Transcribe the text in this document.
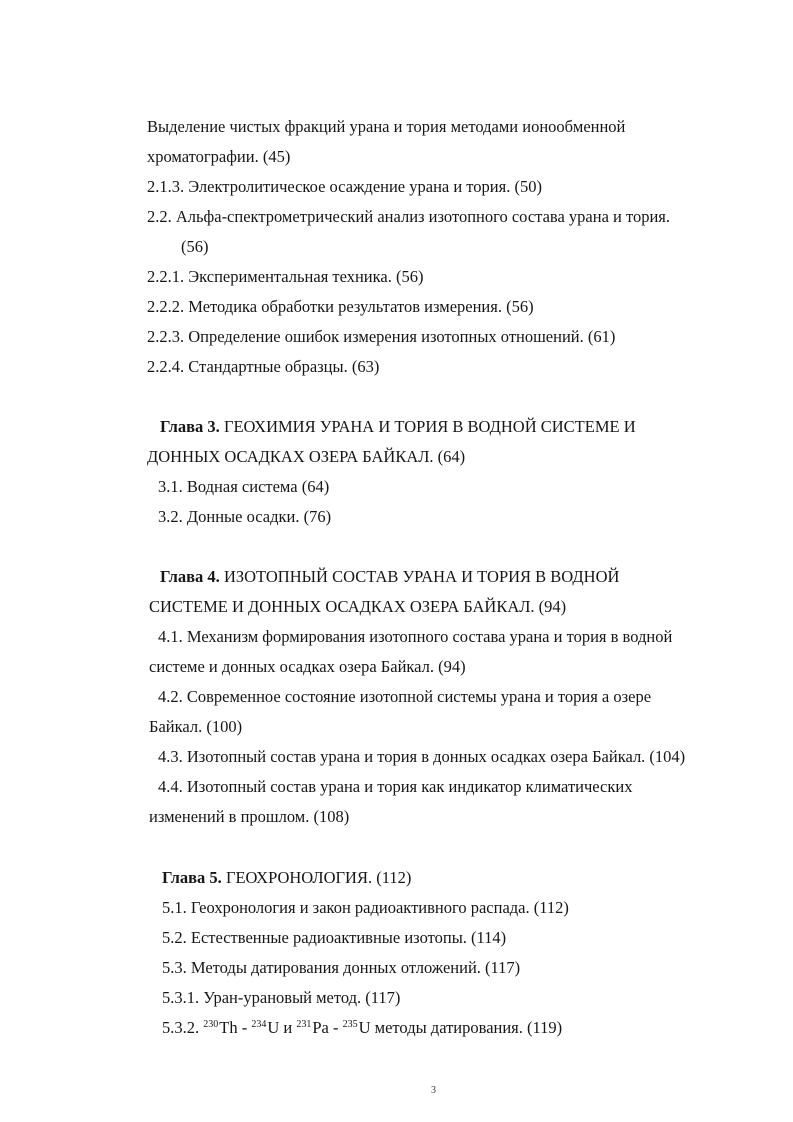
Выделение чистых фракций урана и тория методами ионообменной
хроматографии. (45)
2.1.3. Электролитическое осаждение урана и тория. (50)
2.2. Альфа-спектрометрический анализ изотопного состава урана и тория.
(56)
2.2.1. Экспериментальная техника. (56)
2.2.2. Методика обработки результатов измерения. (56)
2.2.3. Определение ошибок измерения изотопных отношений. (61)
2.2.4. Стандартные образцы. (63)
Глава 3. ГЕОХИМИЯ УРАНА И ТОРИЯ В ВОДНОЙ СИСТЕМЕ И
ДОННЫХ ОСАДКАХ ОЗЕРА БАЙКАЛ. (64)
3.1. Водная система (64)
3.2. Донные осадки. (76)
Глава 4. ИЗОТОПНЫЙ СОСТАВ УРАНА И ТОРИЯ В ВОДНОЙ
СИСТЕМЕ И ДОННЫХ ОСАДКАХ ОЗЕРА БАЙКАЛ. (94)
4.1. Механизм формирования изотопного состава урана и тория в водной
системе и донных осадках озера Байкал. (94)
4.2. Современное состояние изотопной системы урана и тория а озере
Байкал. (100)
4.3. Изотопный состав урана и тория в донных осадках озера Байкал. (104)
4.4. Изотопный состав урана и тория как индикатор климатических
изменений в прошлом. (108)
Глава 5. ГЕОХРОНОЛОГИЯ. (112)
5.1. Геохронология и закон радиоактивного распада. (112)
5.2. Естественные радиоактивные изотопы. (114)
5.3. Методы датирования донных отложений. (117)
5.3.1. Уран-урановый метод. (117)
5.3.2. $^{230}$Th - $^{234}$U и $^{231}$Pa - $^{235}$U методы датирования. (119)
3
